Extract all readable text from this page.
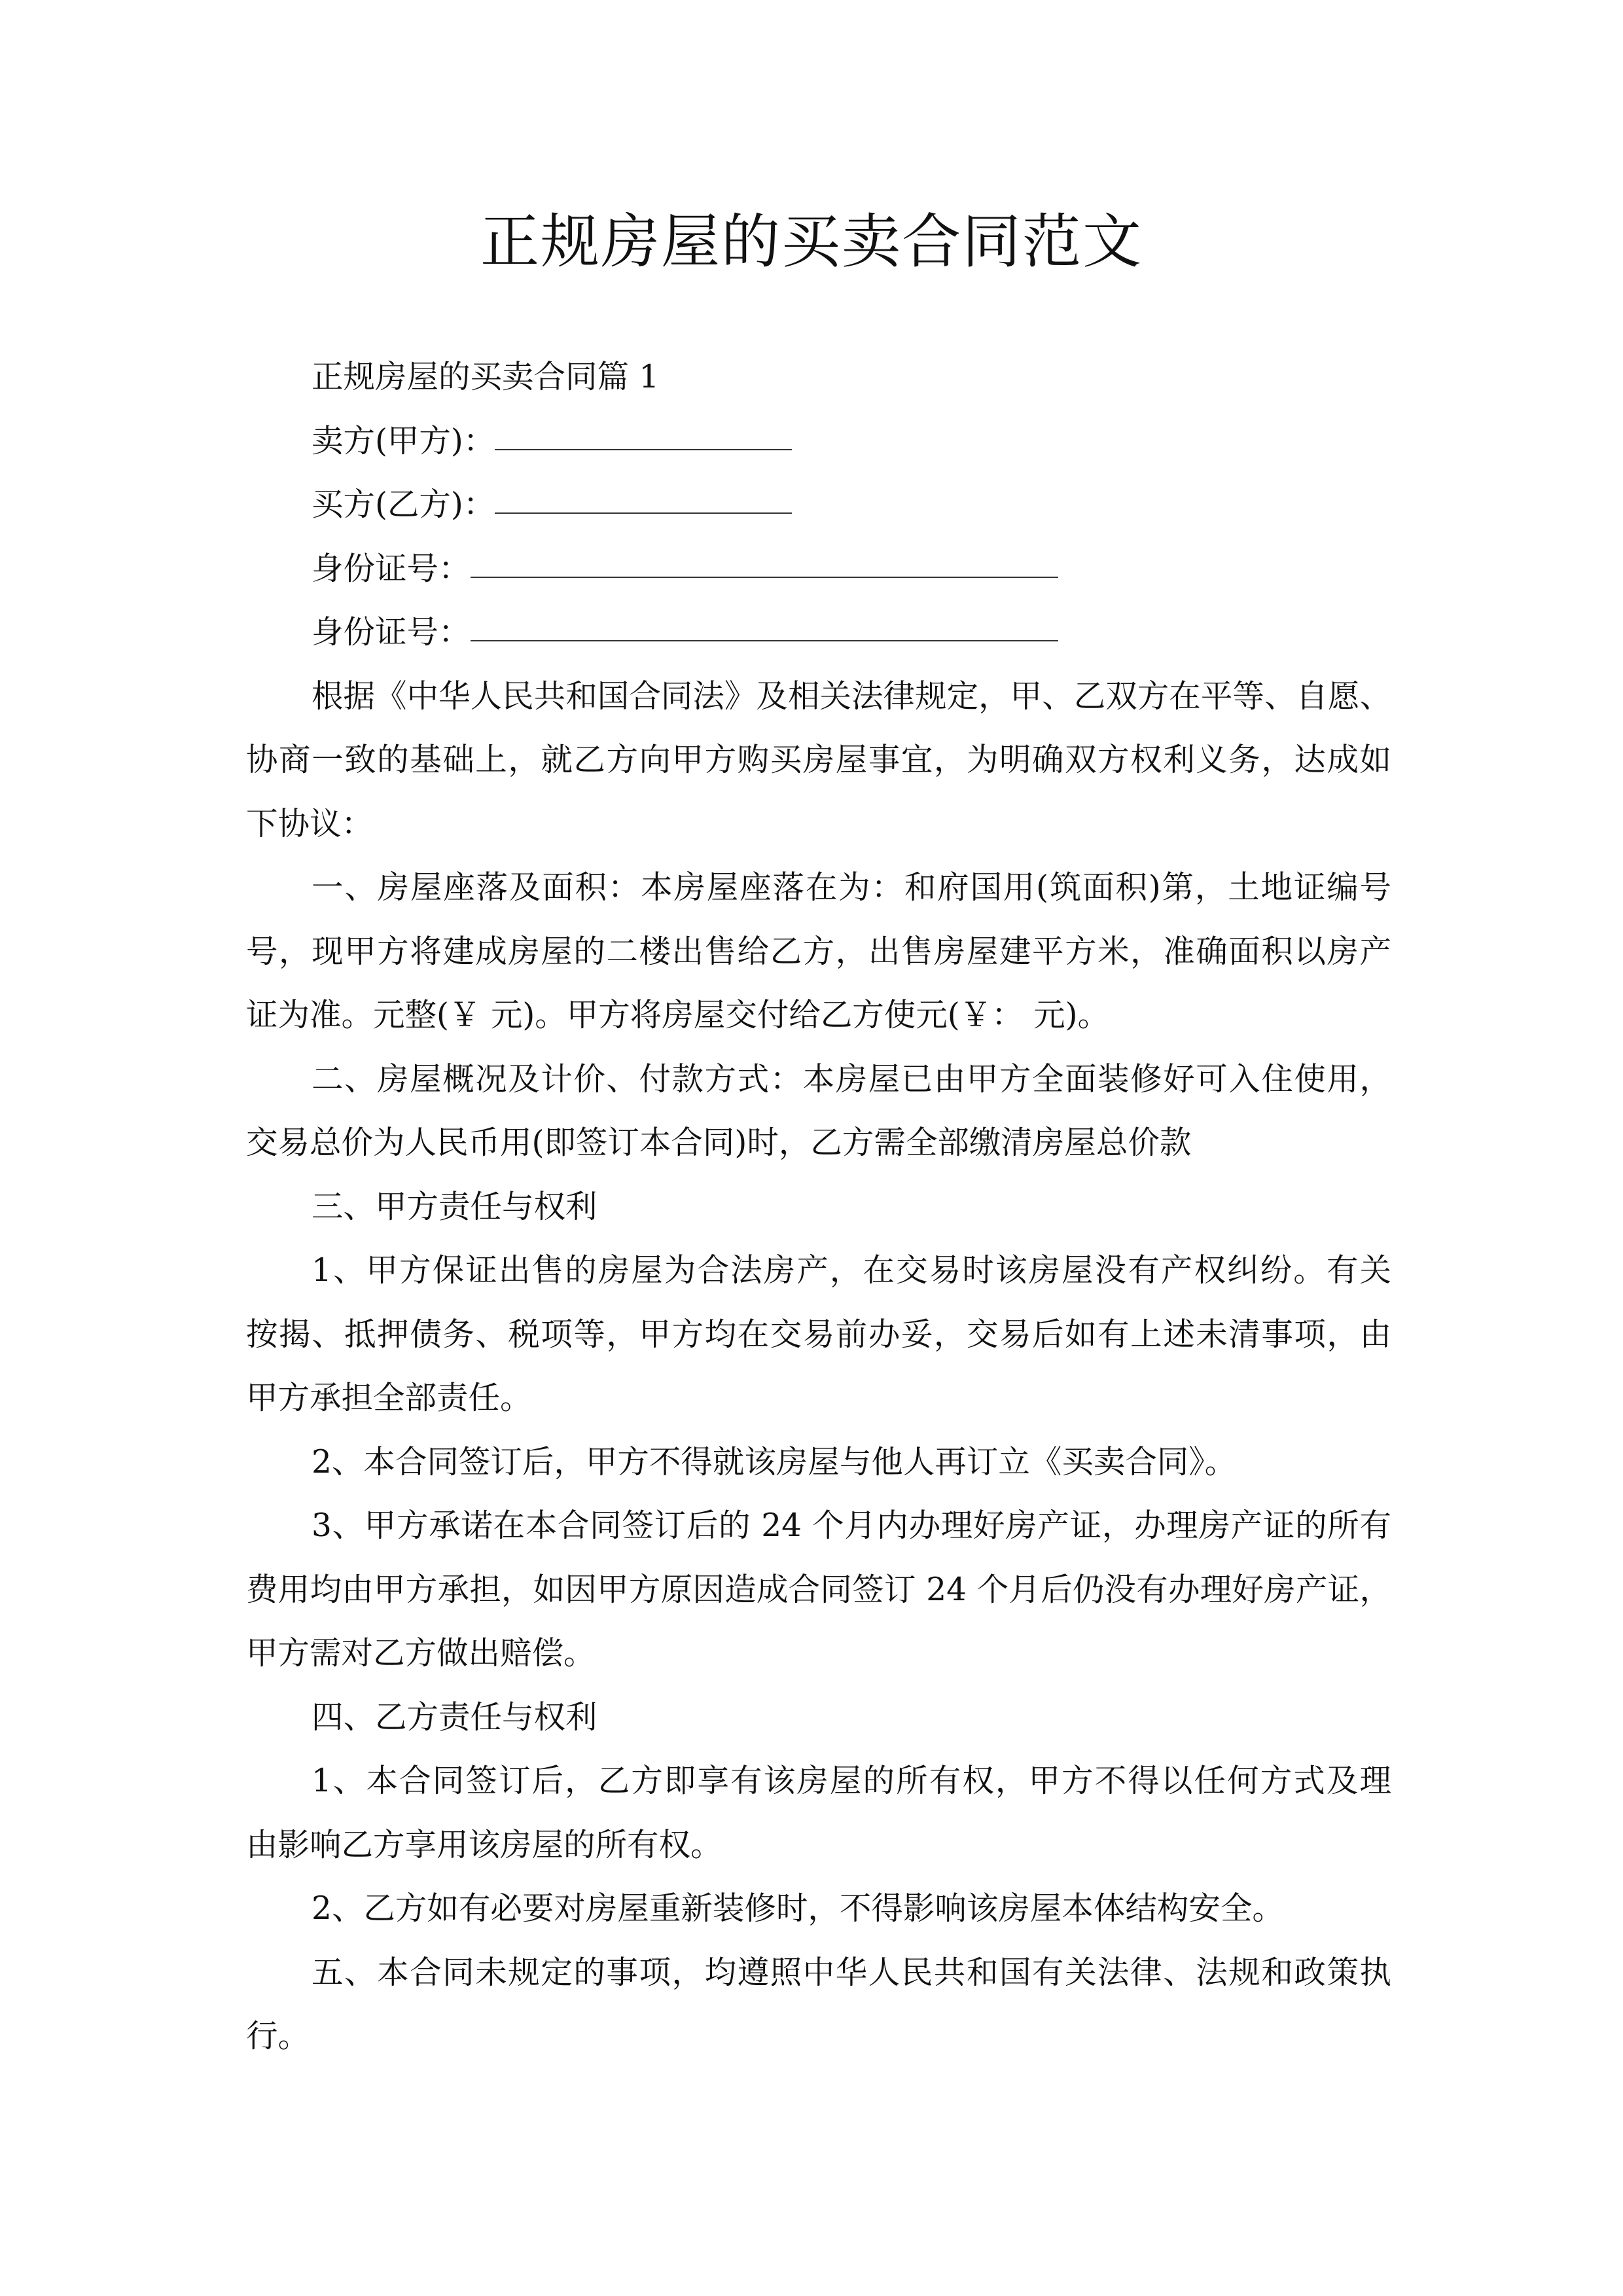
正规房屋的买卖合同范文
正规房屋的买卖合同篇 1
卖方(甲方)：
买方(乙方)：
身份证号：
身份证号：
根据《中华人民共和国合同法》及相关法律规定，甲、乙双方在平等、自愿、
协商一致的基础上，就乙方向甲方购买房屋事宜，为明确双方权利义务，达成如
下协议：
一、房屋座落及面积：本房屋座落在为：和府国用(筑面积)第，土地证编号
号，现甲方将建成房屋的二楼出售给乙方，出售房屋建平方米，准确面积以房产
证为准。元整(￥ 元)。甲方将房屋交付给乙方使元(￥： 元)。
二、房屋概况及计价、付款方式：本房屋已由甲方全面装修好可入住使用，
交易总价为人民币用(即签订本合同)时，乙方需全部缴清房屋总价款
三、甲方责任与权利
1、甲方保证出售的房屋为合法房产，在交易时该房屋没有产权纠纷。有关
按揭、抵押债务、税项等，甲方均在交易前办妥，交易后如有上述未清事项，由
甲方承担全部责任。
2、本合同签订后，甲方不得就该房屋与他人再订立《买卖合同》。
3、甲方承诺在本合同签订后的 24 个月内办理好房产证，办理房产证的所有
费用均由甲方承担，如因甲方原因造成合同签订 24 个月后仍没有办理好房产证，
甲方需对乙方做出赔偿。
四、乙方责任与权利
1、本合同签订后，乙方即享有该房屋的所有权，甲方不得以任何方式及理
由影响乙方享用该房屋的所有权。
2、乙方如有必要对房屋重新装修时，不得影响该房屋本体结构安全。
五、本合同未规定的事项，均遵照中华人民共和国有关法律、法规和政策执
行。
